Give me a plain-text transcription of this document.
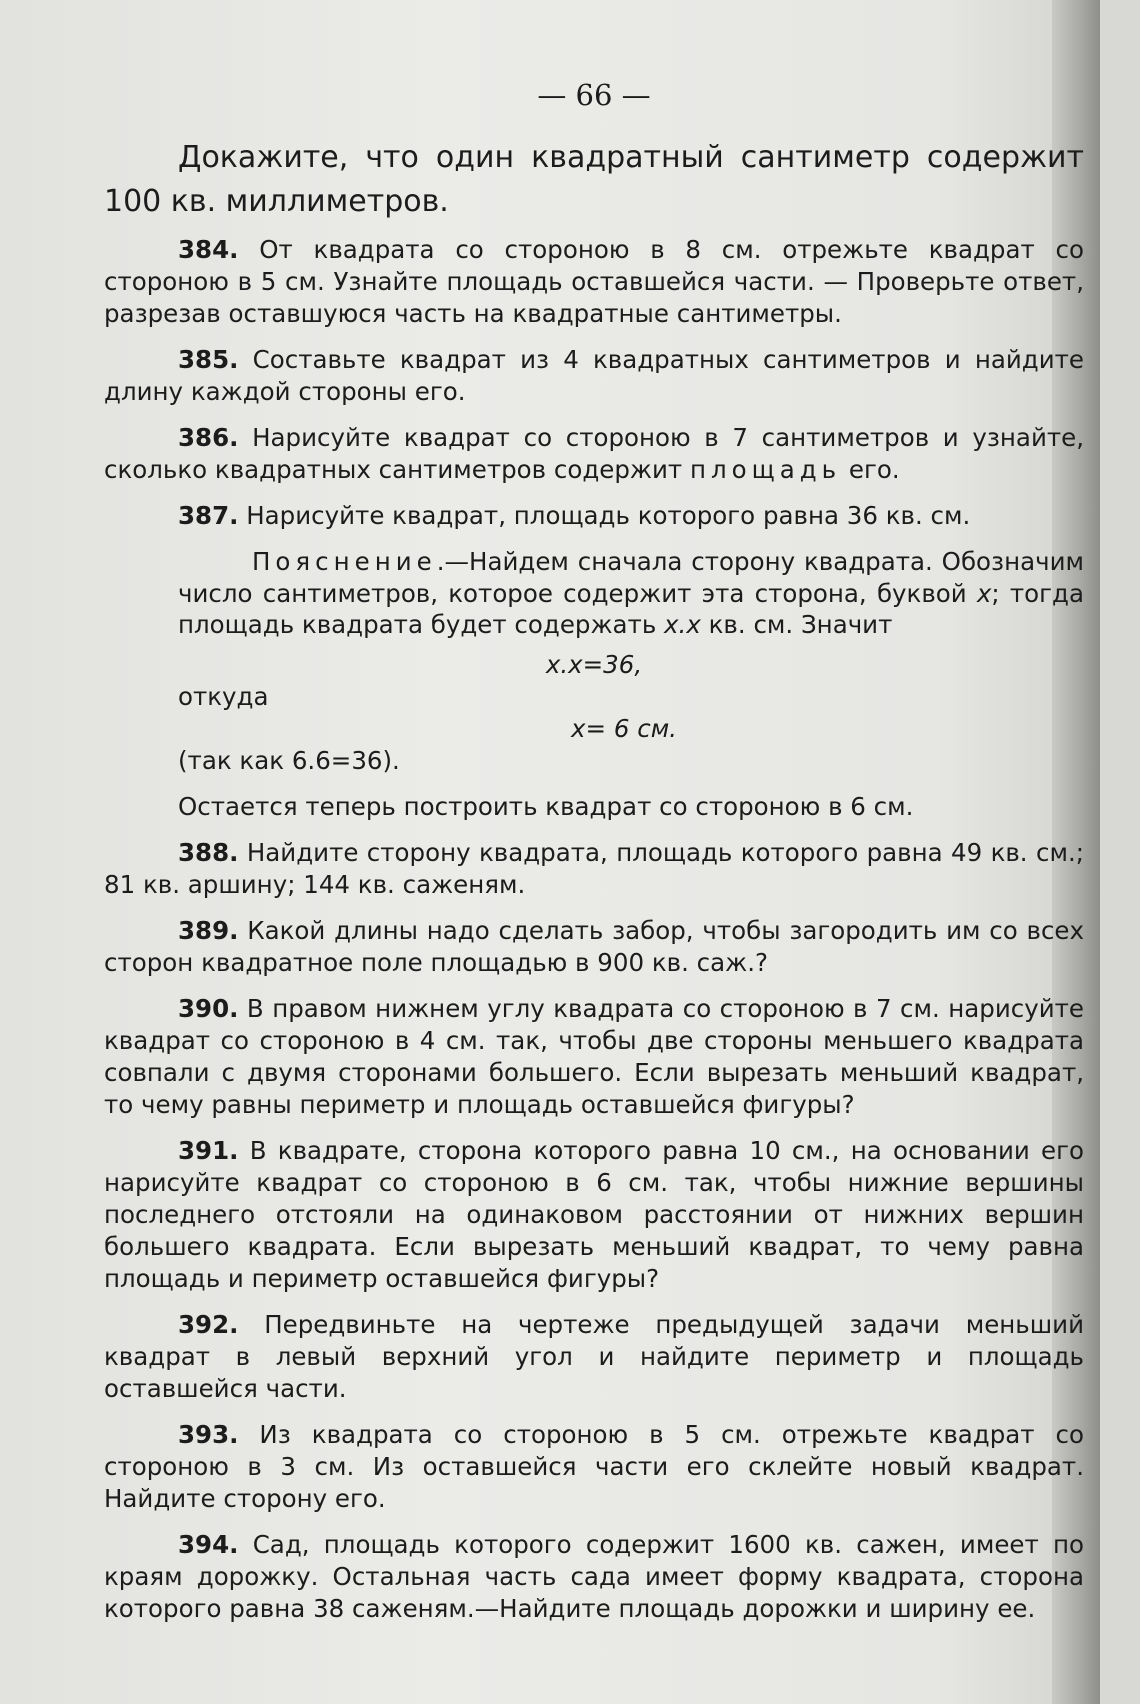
— 66 —

Докажите, что один квадратный сантиметр содержит 100 кв. миллиметров.

384. От квадрата со стороною в 8 см. отрежьте квадрат со стороною в 5 см. Узнайте площадь оставшейся части. — Проверьте ответ, разрезав оставшуюся часть на квадратные сантиметры.

385. Составьте квадрат из 4 квадратных сантиметров и найдите длину каждой стороны его.

386. Нарисуйте квадрат со стороною в 7 сантиметров и узнайте, сколько квадратных сантиметров содержит площадь его.

387. Нарисуйте квадрат, площадь которого равна 36 кв. см.

Пояснение.—Найдем сначала сторону квадрата. Обозначим число сантиметров, которое содержит эта сторона, буквой x; тогда площадь квадрата будет содержать x.x кв. см. Значит

x.x=36,

откуда

x= 6 см.

(так как 6.6=36).

Остается теперь построить квадрат со стороною в 6 см.

388. Найдите сторону квадрата, площадь которого равна 49 кв. см.; 81 кв. аршину; 144 кв. саженям.

389. Какой длины надо сделать забор, чтобы загородить им со всех сторон квадратное поле площадью в 900 кв. саж.?

390. В правом нижнем углу квадрата со стороною в 7 см. нарисуйте квадрат со стороною в 4 см. так, чтобы две стороны меньшего квадрата совпали с двумя сторонами большего. Если вырезать меньший квадрат, то чему равны периметр и площадь оставшейся фигуры?

391. В квадрате, сторона которого равна 10 см., на основании его нарисуйте квадрат со стороною в 6 см. так, чтобы нижние вершины последнего отстояли на одинаковом расстоянии от нижних вершин большего квадрата. Если вырезать меньший квадрат, то чему равна площадь и периметр оставшейся фигуры?

392. Передвиньте на чертеже предыдущей задачи меньший квадрат в левый верхний угол и найдите периметр и площадь оставшейся части.

393. Из квадрата со стороною в 5 см. отрежьте квадрат со стороною в 3 см. Из оставшейся части его склейте новый квадрат. Найдите сторону его.

394. Сад, площадь которого содержит 1600 кв. сажен, имеет по краям дорожку. Остальная часть сада имеет форму квадрата, сторона которого равна 38 саженям.—Найдите площадь дорожки и ширину ее.
